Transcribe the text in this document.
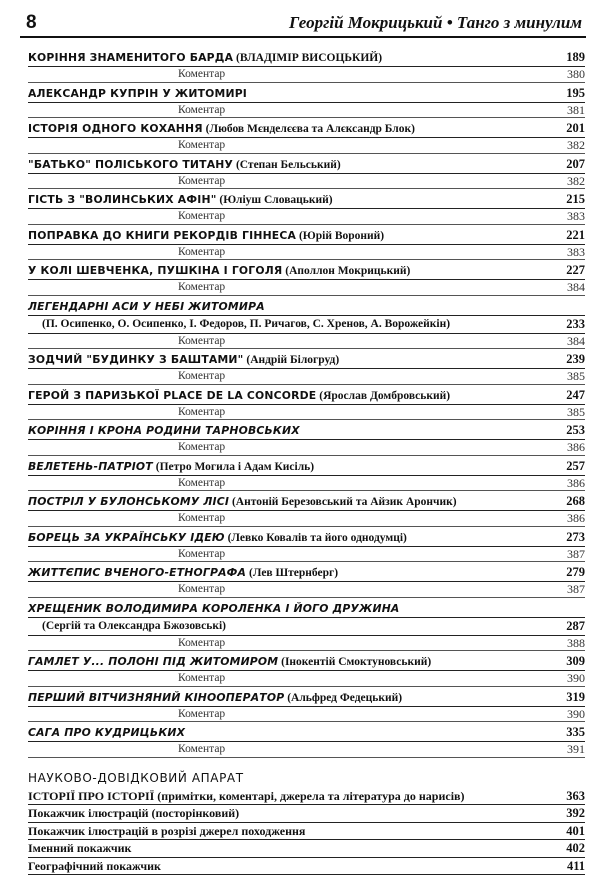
8	Георгій Мокрицький • Танго з минулим
КОРІННЯ ЗНАМЕНИТОГО БАРДА (ВЛАДІМІР ВИСОЦЬКИЙ)	189
Коментар	380
АЛЕКСАНДР КУПРІН У ЖИТОМИРІ	195
Коментар	381
ІСТОРІЯ ОДНОГО КОХАННЯ (Любов Мєнделєєва та Алєксандр Блок)	201
Коментар	382
"БАТЬКО" ПОЛІСЬКОГО ТИТАНУ (Степан Бельський)	207
Коментар	382
ГІСТЬ З "ВОЛИНСЬКИХ АФІН" (Юліуш Словацький)	215
Коментар	383
ПОПРАВКА ДО КНИГИ РЕКОРДІВ ГІННЕСА (Юрій Вороний)	221
Коментар	383
У КОЛІ ШЕВЧЕНКА, ПУШКІНА І ГОГОЛЯ (Аполлон Мокрицький)	227
Коментар	384
ЛЕГЕНДАРНІ АСИ У НЕБІ ЖИТОМИРА
(П. Осипенко, О. Осипенко, І. Федоров, П. Ричагов, С. Хренов, А. Ворожейкін)	233
Коментар	384
ЗОДЧИЙ "БУДИНКУ З БАШТАМИ" (Андрій Білогруд)	239
Коментар	385
ГЕРОЙ З ПАРИЗЬКОЇ PLACE DE LA CONCORDE (Ярослав Домбровський)	247
Коментар	385
КОРІННЯ І КРОНА РОДИНИ ТАРНОВСЬКИХ	253
Коментар	386
ВЕЛЕТЕНЬ-ПАТРІОТ (Петро Могила і Адам Кисіль)	257
Коментар	386
ПОСТРІЛ У БУЛОНСЬКОМУ ЛІСІ (Антоній Березовський та Айзик Арончик)	268
Коментар	386
БОРЕЦЬ ЗА УКРАЇНСЬКУ ІДЕЮ (Левко Ковалів та його однодумці)	273
Коментар	387
ЖИТТЄПИС ВЧЕНОГО-ЕТНОГРАФА (Лев Штернберг)	279
Коментар	387
ХРЕЩЕНИК ВОЛОДИМИРА КОРОЛЕНКА І ЙОГО ДРУЖИНА
(Сергій та Олександра Бжозовські)	287
Коментар	388
ГАМЛЕТ У... ПОЛОНІ ПІД ЖИТОМИРОМ (Інокентій Смоктуновський)	309
Коментар	390
ПЕРШИЙ ВІТЧИЗНЯНИЙ КІНООПЕРАТОР (Альфред Федецький)	319
Коментар	390
САГА ПРО КУДРИЦЬКИХ	335
Коментар	391
НАУКОВО-ДОВІДКОВИЙ АПАРАТ
ІСТОРІЇ ПРО ІСТОРІЇ (примітки, коментарі, джерела та література до нарисів)	363
Покажчик ілюстрацій (посторінковий)	392
Покажчик ілюстрацій в розрізі джерел походження	401
Іменний покажчик	402
Географічний покажчик	411
